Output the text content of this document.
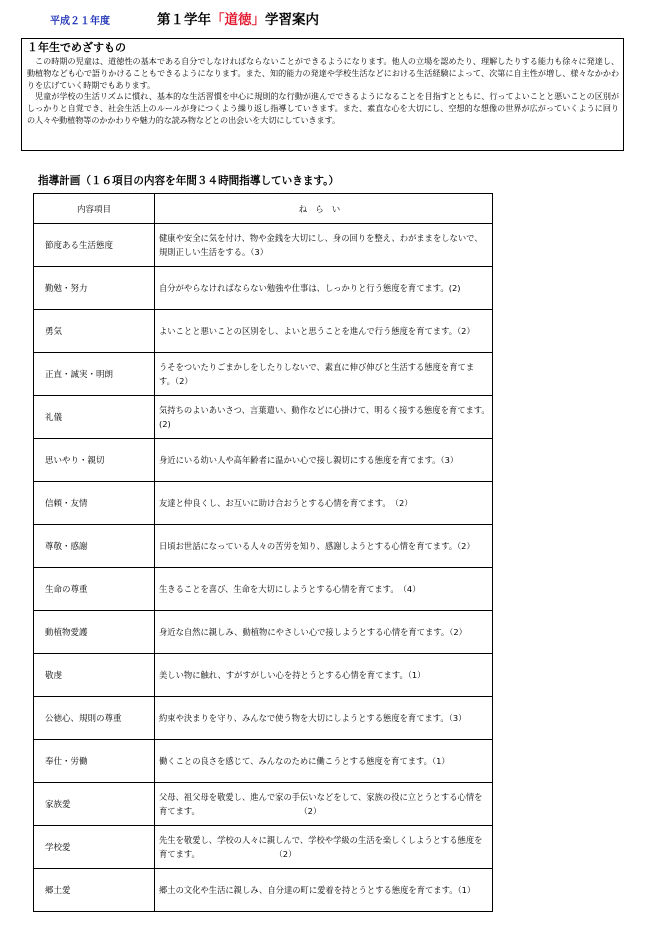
平成２１年度	第１学年「道徳」学習案内
１年生でめざすもの

この時期の児童は、道徳性の基本である自分でしなければならないことができるようになります。他人の立場を認めたり、理解したりする能力も徐々に発達し、動植物なども心で語りかけることもできるようになります。また、知的能力の発達や学校生活などにおける生活経験によって、次第に自主性が増し、様々なかかわりを広げていく時期でもあります。

児童が学校の生活リズムに慣れ、基本的な生活習慣を中心に規則的な行動が進んでできるようになることを目指すとともに、行ってよいことと悪いことの区別がしっかりと自覚でき、社会生活上のルールが身につくよう繰り返し指導していきます。また、素直な心を大切にし、空想的な想像の世界が広がっていくように回りの人々や動植物等のかかわりや魅力的な読み物などとの出会いを大切にしていきます。

指導計画（１６項目の内容を年間３４時間指導していきます。）
内容項目	ねらい
節度ある生活態度	健康や安全に気を付け、物や金銭を大切にし、身の回りを整え、わがままをしないで、規則正しい生活をする。（3）
勤勉・努力	自分がやらなければならない勉強や仕事は、しっかりと行う態度を育てます。(2)
勇気	よいことと悪いことの区別をし、よいと思うことを進んで行う態度を育てます。（2）
正直・誠実・明朗	うそをついたりごまかしをしたりしないで、素直に伸び伸びと生活する態度を育てます。（2）
礼儀	気持ちのよいあいさつ、言葉遣い、動作などに心掛けて、明るく接する態度を育てます。　　　　　　　　　　　　　　　(2)
思いやり・親切	身近にいる幼い人や高年齢者に温かい心で接し親切にする態度を育てます。（3）
信頼・友情	友達と仲良くし、お互いに助け合おうとする心情を育てます。　（2）
尊敬・感謝	日頃お世話になっている人々の苦労を知り、感謝しようとする心情を育てます。（2）
生命の尊重	生きることを喜び、生命を大切にしようとする心情を育てます。　（4）
動植物愛護	身近な自然に親しみ、動植物にやさしい心で接しようとする心情を育てます。（2）
敬虔	美しい物に触れ、すがすがしい心を持とうとする心情を育てます。（1）
公徳心、規則の尊重	約束や決まりを守り、みんなで使う物を大切にしようとする態度を育てます。（3）
奉仕・労働	働くことの良さを感じて、みんなのために働こうとする態度を育てます。（1）
家族愛	父母、祖父母を敬愛し、進んで家の手伝いなどをして、家族の役に立とうとする心情を育てます。　　　　　　　　　　　　　（2）
学校愛	先生を敬愛し、学校の人々に親しんで、学校や学級の生活を楽しくしようとする態度を育てます。　　　　　　　　　　（2）
郷土愛	郷土の文化や生活に親しみ、自分達の町に愛着を持とうとする態度を育てます。（1）
